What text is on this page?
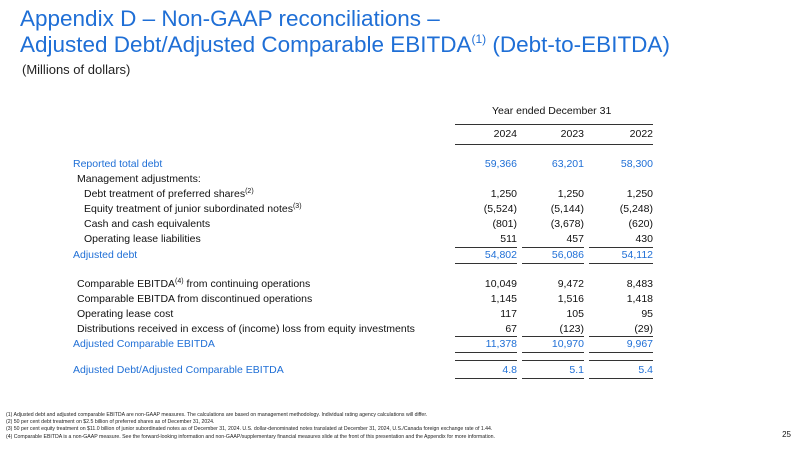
Appendix D – Non-GAAP reconciliations –
Adjusted Debt/Adjusted Comparable EBITDA$^{(1)}$ (Debt-to-EBITDA)
(Millions of dollars)
Year ended December 31
2024	2023	2022
Reported total debt	59,366	63,201	58,300
Management adjustments:
Debt treatment of preferred shares$^{(2)}$	1,250	1,250	1,250
Equity treatment of junior subordinated notes$^{(3)}$	(5,524)	(5,144)	(5,248)
Cash and cash equivalents	(801)	(3,678)	(620)
Operating lease liabilities	511	457	430
Adjusted debt	54,802	56,086	54,112
Comparable EBITDA$^{(4)}$ from continuing operations	10,049	9,472	8,483
Comparable EBITDA from discontinued operations	1,145	1,516	1,418
Operating lease cost	117	105	95
Distributions received in excess of (income) loss from equity investments	67	(123)	(29)
Adjusted Comparable EBITDA	11,378	10,970	9,967
Adjusted Debt/Adjusted Comparable EBITDA	4.8	5.1	5.4
(1) Adjusted debt and adjusted comparable EBITDA are non-GAAP measures. The calculations are based on management methodology. Individual rating agency calculations will differ.
(2) 50 per cent debt treatment on $2.5 billion of preferred shares as of December 31, 2024.
(3) 50 per cent equity treatment on $11.0 billion of junior subordinated notes as of December 31, 2024. U.S. dollar-denominated notes translated at December 31, 2024, U.S./Canada foreign exchange rate of 1.44.
(4) Comparable EBITDA is a non-GAAP measure. See the forward-looking information and non-GAAP/supplementary financial measures slide at the front of this presentation and the Appendix for more information.	25
